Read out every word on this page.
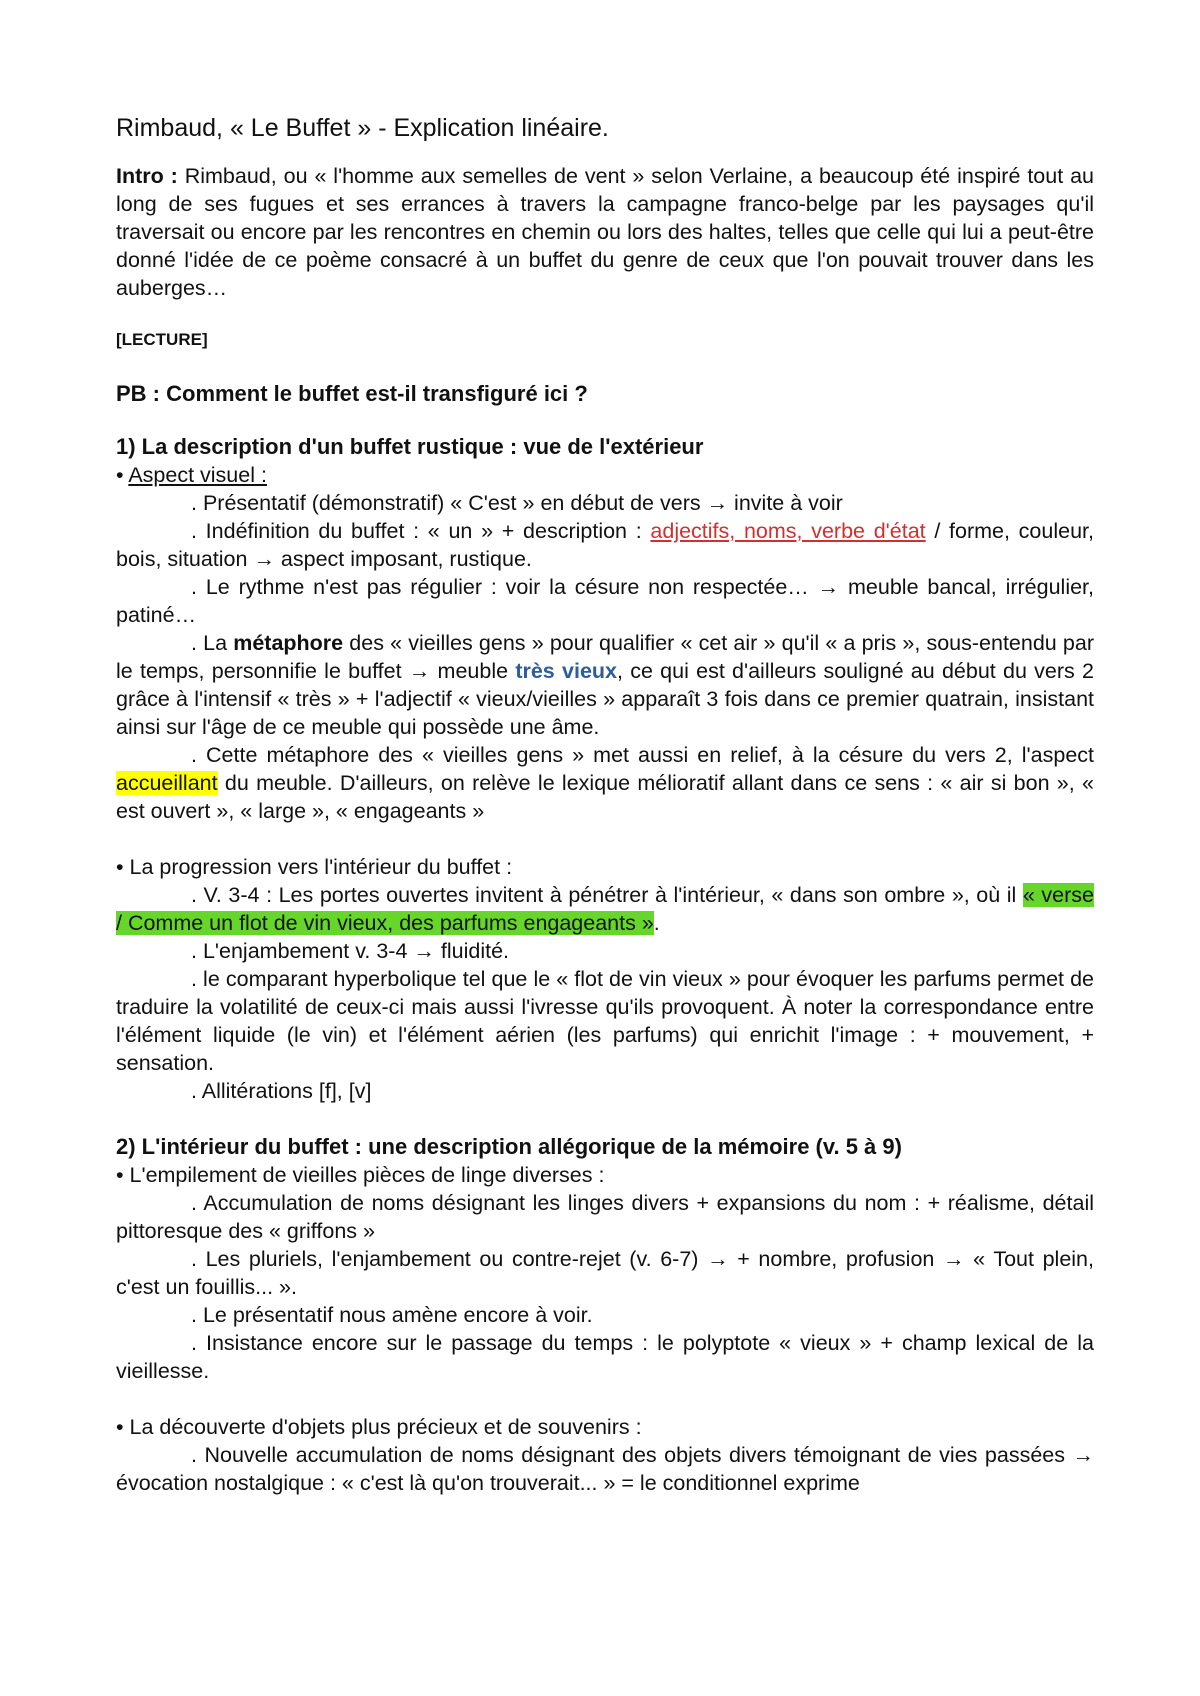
Rimbaud, « Le Buffet » - Explication linéaire.

Intro : Rimbaud, ou « l'homme aux semelles de vent » selon Verlaine, a beaucoup été inspiré tout au long de ses fugues et ses errances à travers la campagne franco-belge par les paysages qu'il traversait ou encore par les rencontres en chemin ou lors des haltes, telles que celle qui lui a peut-être donné l'idée de ce poème consacré à un buffet du genre de ceux que l'on pouvait trouver dans les auberges…

[LECTURE]

PB : Comment le buffet est-il transfiguré ici ?

1) La description d'un buffet rustique : vue de l'extérieur

• Aspect visuel :

. Présentatif (démonstratif) « C'est » en début de vers → invite à voir

. Indéfinition du buffet : « un » + description : adjectifs, noms, verbe d'état / forme, couleur, bois, situation → aspect imposant, rustique.

. Le rythme n'est pas régulier : voir la césure non respectée… → meuble bancal, irrégulier, patiné…

. La métaphore des « vieilles gens » pour qualifier « cet air » qu'il « a pris », sous-entendu par le temps, personnifie le buffet → meuble très vieux, ce qui est d'ailleurs souligné au début du vers 2 grâce à l'intensif « très » + l'adjectif « vieux/vieilles » apparaît 3 fois dans ce premier quatrain, insistant ainsi sur l'âge de ce meuble qui possède une âme.

. Cette métaphore des « vieilles gens » met aussi en relief, à la césure du vers 2, l'aspect accueillant du meuble. D'ailleurs, on relève le lexique mélioratif allant dans ce sens : « air si bon », « est ouvert », « large », « engageants »

• La progression vers l'intérieur du buffet :

. V. 3-4 : Les portes ouvertes invitent à pénétrer à l'intérieur, « dans son ombre », où il « verse / Comme un flot de vin vieux, des parfums engageants ».

. L'enjambement v. 3-4 → fluidité.

. le comparant hyperbolique tel que le « flot de vin vieux » pour évoquer les parfums permet de traduire la volatilité de ceux-ci mais aussi l'ivresse qu'ils provoquent. À noter la correspondance entre l'élément liquide (le vin) et l'élément aérien (les parfums) qui enrichit l'image : + mouvement, + sensation.

. Allitérations [f], [v]

2) L'intérieur du buffet : une description allégorique de la mémoire (v. 5 à 9)

• L'empilement de vieilles pièces de linge diverses :

. Accumulation de noms désignant les linges divers + expansions du nom : + réalisme, détail pittoresque des « griffons »

. Les pluriels, l'enjambement ou contre-rejet (v. 6-7) → + nombre, profusion → « Tout plein, c'est un fouillis... ».

. Le présentatif nous amène encore à voir.

. Insistance encore sur le passage du temps : le polyptote « vieux » + champ lexical de la vieillesse.

• La découverte d'objets plus précieux et de souvenirs :

. Nouvelle accumulation de noms désignant des objets divers témoignant de vies passées → évocation nostalgique : « c'est là qu'on trouverait... » = le conditionnel exprime
